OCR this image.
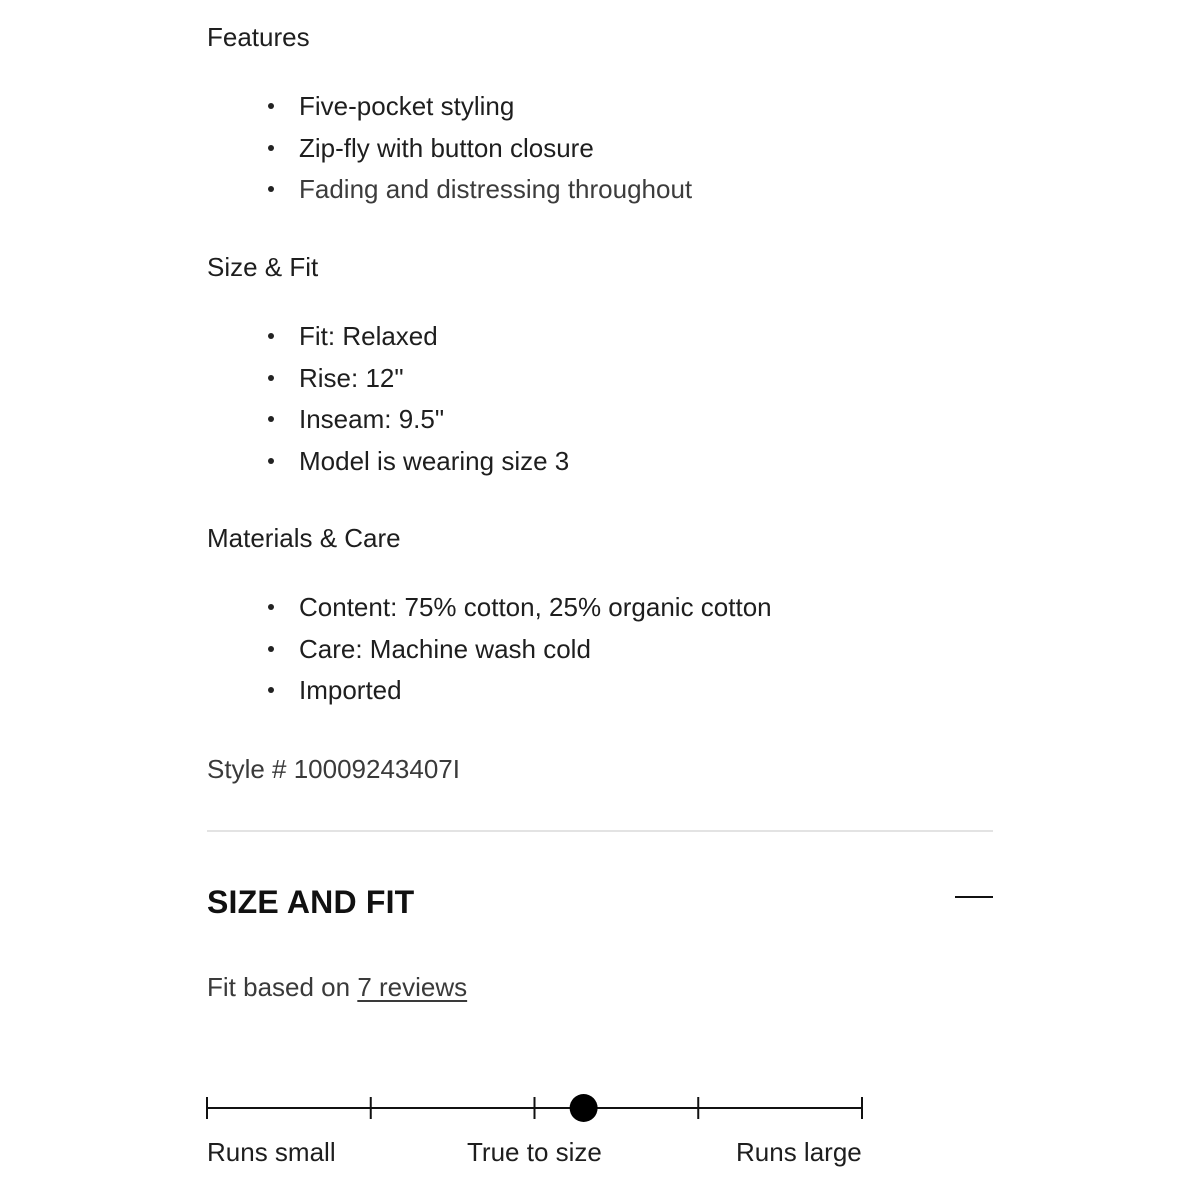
Features
Five-pocket styling
Zip-fly with button closure
Fading and distressing throughout
Size & Fit
Fit: Relaxed
Rise: 12"
Inseam: 9.5"
Model is wearing size 3
Materials & Care
Content: 75% cotton, 25% organic cotton
Care: Machine wash cold
Imported
Style # 10009243407I
SIZE AND FIT
Fit based on 7 reviews
Runs small	True to size	Runs large
